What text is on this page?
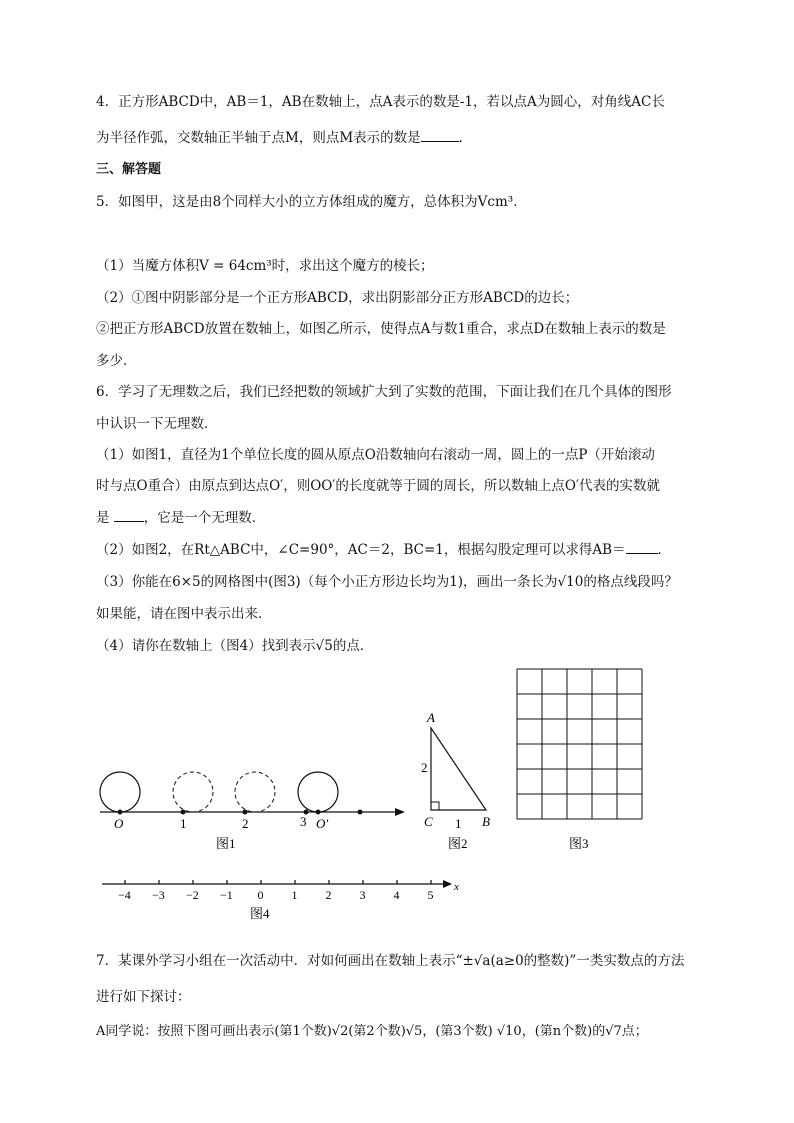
4．正方形ABCD中，AB＝1，AB在数轴上，点A表示的数是-1，若以点A为圆心，对角线AC长
为半径作弧，交数轴正半轴于点M，则点M表示的数是	．
三、解答题
5．如图甲，这是由8个同样大小的立方体组成的魔方，总体积为Vcm³．
（1）当魔方体积V = 64cm³时，求出这个魔方的棱长；
（2）①图中阴影部分是一个正方形ABCD，求出阴影部分正方形ABCD的边长；
②把正方形ABCD放置在数轴上，如图乙所示，使得点A与数1重合，求点D在数轴上表示的数是
多少．
6．学习了无理数之后，我们已经把数的领域扩大到了实数的范围，下面让我们在几个具体的图形
中认识一下无理数．
（1）如图1，直径为1个单位长度的圆从原点O沿数轴向右滚动一周，圆上的一点P（开始滚动
时与点O重合）由原点到达点O′，则OO′的长度就等于圆的周长，所以数轴上点O′代表的实数就
是	，它是一个无理数．
（2）如图2，在Rt△ABC中，∠C=90°，AC＝2，BC=1，根据勾股定理可以求得AB＝ ．
（3）你能在6×5的网格图中(图3)（每个小正方形边长均为1)，画出一条长为√10的格点线段吗？
如果能，请在图中表示出来．
（4）请你在数轴上（图4）找到表示√5的点．
O	1	2	3 O′
图1
A
C	B
2
1
图2	图3
−4 −3 −2 −1 0 1 2 3 4 5
x
图4
7．某课外学习小组在一次活动中．对如何画出在数轴上表示“±√a(a≥0的整数)”一类实数点的方法
进行如下探讨：
A同学说：按照下图可画出表示(第1个数)√2(第2个数)√5，(第3个数) √10，(第n个数)的√7点；
